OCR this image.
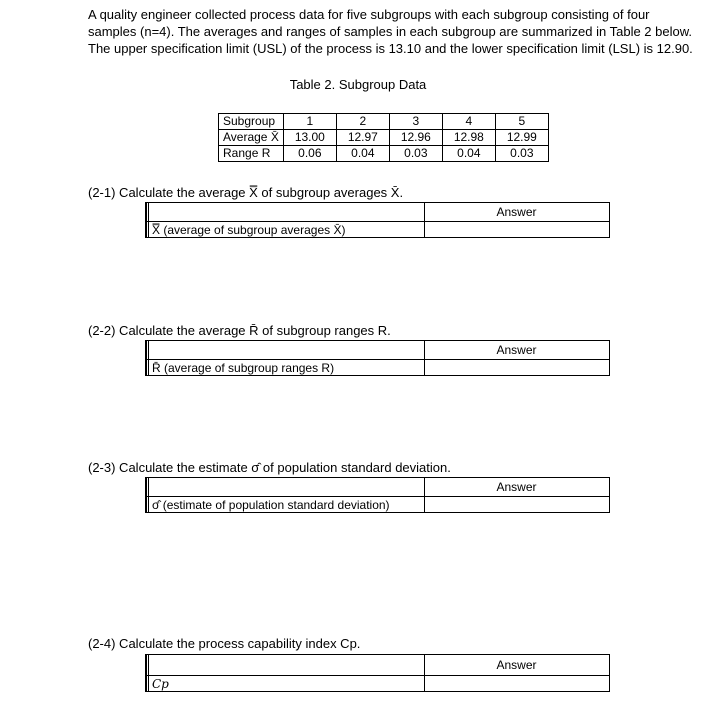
A quality engineer collected process data for five subgroups with each subgroup consisting of four samples (n=4). The averages and ranges of samples in each subgroup are summarized in Table 2 below. The upper specification limit (USL) of the process is 13.10 and the lower specification limit (LSL) is 12.90.
Table 2. Subgroup Data
Subgroup	1	2	3	4	5
Average X̄	13.00	12.97	12.96	12.98	12.99
Range R	0.06	0.04	0.03	0.04	0.03
(2-1) Calculate the average X̿ of subgroup averages X̄.
Answer
X̿ (average of subgroup averages X̄)
(2-2) Calculate the average R̄ of subgroup ranges R.
Answer
R̄ (average of subgroup ranges R)
(2-3) Calculate the estimate σ̂ of population standard deviation.
Answer
σ̂ (estimate of population standard deviation)
(2-4) Calculate the process capability index Cp.
Answer
Cp
